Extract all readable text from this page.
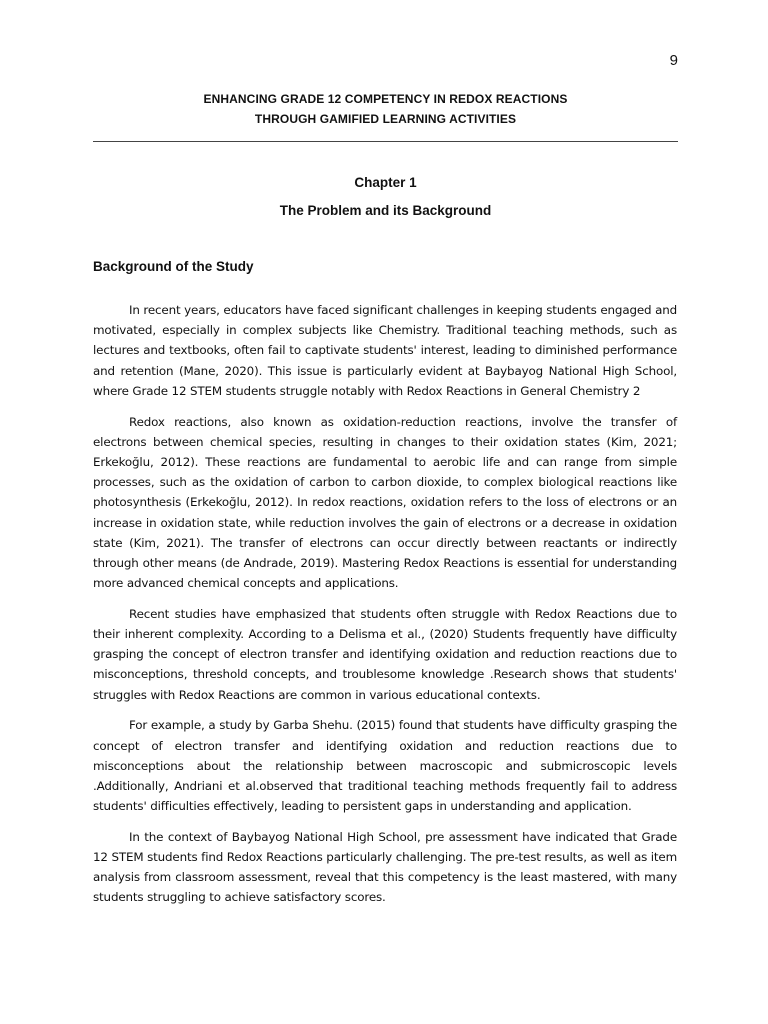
9
ENHANCING GRADE 12 COMPETENCY IN REDOX REACTIONS
THROUGH GAMIFIED LEARNING ACTIVITIES
Chapter 1
The Problem and its Background
Background of the Study

In recent years, educators have faced significant challenges in keeping students engaged and motivated, especially in complex subjects like Chemistry. Traditional teaching methods, such as lectures and textbooks, often fail to captivate students' interest, leading to diminished performance and retention (Mane, 2020). This issue is particularly evident at Baybayog National High School, where Grade 12 STEM students struggle notably with Redox Reactions in General Chemistry 2

Redox reactions, also known as oxidation-reduction reactions, involve the transfer of electrons between chemical species, resulting in changes to their oxidation states (Kim, 2021; Erkekoğlu, 2012). These reactions are fundamental to aerobic life and can range from simple processes, such as the oxidation of carbon to carbon dioxide, to complex biological reactions like photosynthesis (Erkekoğlu, 2012). In redox reactions, oxidation refers to the loss of electrons or an increase in oxidation state, while reduction involves the gain of electrons or a decrease in oxidation state (Kim, 2021). The transfer of electrons can occur directly between reactants or indirectly through other means (de Andrade, 2019). Mastering Redox Reactions is essential for understanding more advanced chemical concepts and applications.

Recent studies have emphasized that students often struggle with Redox Reactions due to their inherent complexity. According to a Delisma et al., (2020) Students frequently have difficulty grasping the concept of electron transfer and identifying oxidation and reduction reactions due to misconceptions, threshold concepts, and troublesome knowledge .Research shows that students' struggles with Redox Reactions are common in various educational contexts.

For example, a study by Garba Shehu. (2015) found that students have difficulty grasping the concept of electron transfer and identifying oxidation and reduction reactions due to misconceptions about the relationship between macroscopic and submicroscopic levels .Additionally, Andriani et al.observed that traditional teaching methods frequently fail to address students' difficulties effectively, leading to persistent gaps in understanding and application.

In the context of Baybayog National High School, pre assessment have indicated that Grade 12 STEM students find Redox Reactions particularly challenging. The pre-test results, as well as item analysis from classroom assessment, reveal that this competency is the least mastered, with many students struggling to achieve satisfactory scores.
